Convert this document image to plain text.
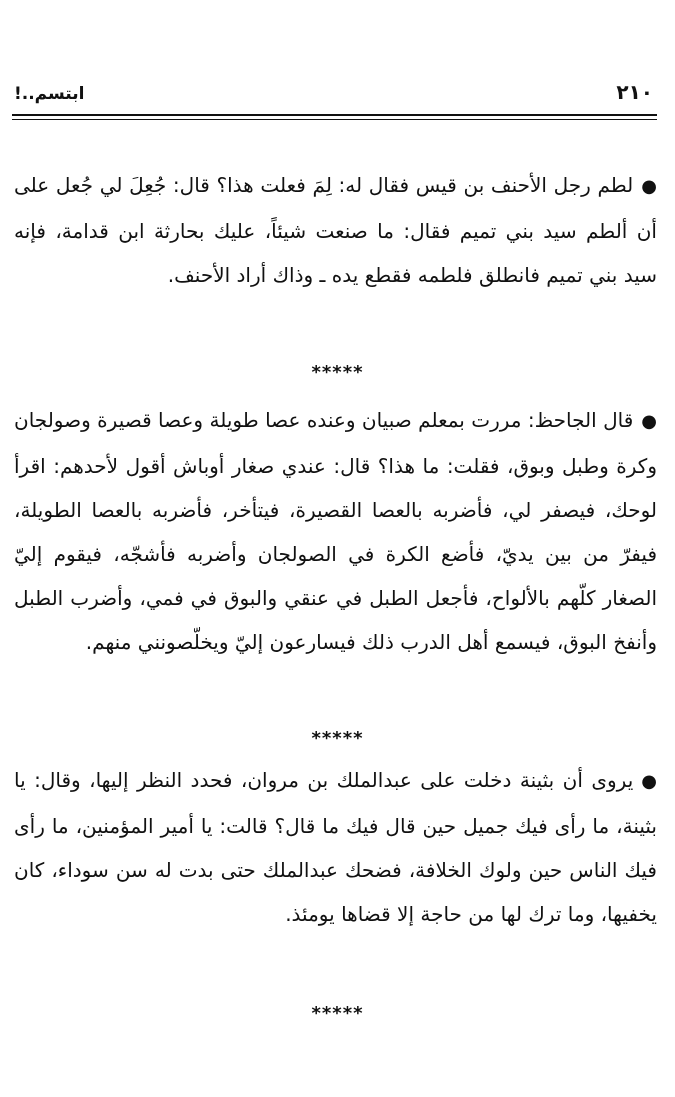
٢١٠
ابتسم..!

●لطم رجل الأحنف بن قيس فقال له: لِمَ فعلت هذا؟ قال: جُعِلَ لي جُعل على أن ألطم سيد بني تميم فقال: ما صنعت شيئاً، عليك بحارثة ابن قدامة، فإنه سيد بني تميم فانطلق فلطمه فقطع يده ـ وذاك أراد الأحنف.

*****

●قال الجاحظ: مررت بمعلم صبيان وعنده عصا طويلة وعصا قصيرة وصولجان وكرة وطبل وبوق، فقلت: ما هذا؟ قال: عندي صغار أوباش أقول لأحدهم: اقرأ لوحك، فيصفر لي، فأضربه بالعصا القصيرة، فيتأخر، فأضربه بالعصا الطويلة، فيفرّ من بين يديّ، فأضع الكرة في الصولجان وأضربه فأشجّه، فيقوم إليّ الصغار كلّهم بالألواح، فأجعل الطبل في عنقي والبوق في فمي، وأضرب الطبل وأنفخ البوق، فيسمع أهل الدرب ذلك فيسارعون إليّ ويخلّصونني منهم.

*****

●يروى أن بثينة دخلت على عبدالملك بن مروان، فحدد النظر إليها، وقال: يا بثينة، ما رأى فيك جميل حين قال فيك ما قال؟ قالت: يا أمير المؤمنين، ما رأى فيك الناس حين ولوك الخلافة، فضحك عبدالملك حتى بدت له سن سوداء، كان يخفيها، وما ترك لها من حاجة إلا قضاها يومئذ.

*****
